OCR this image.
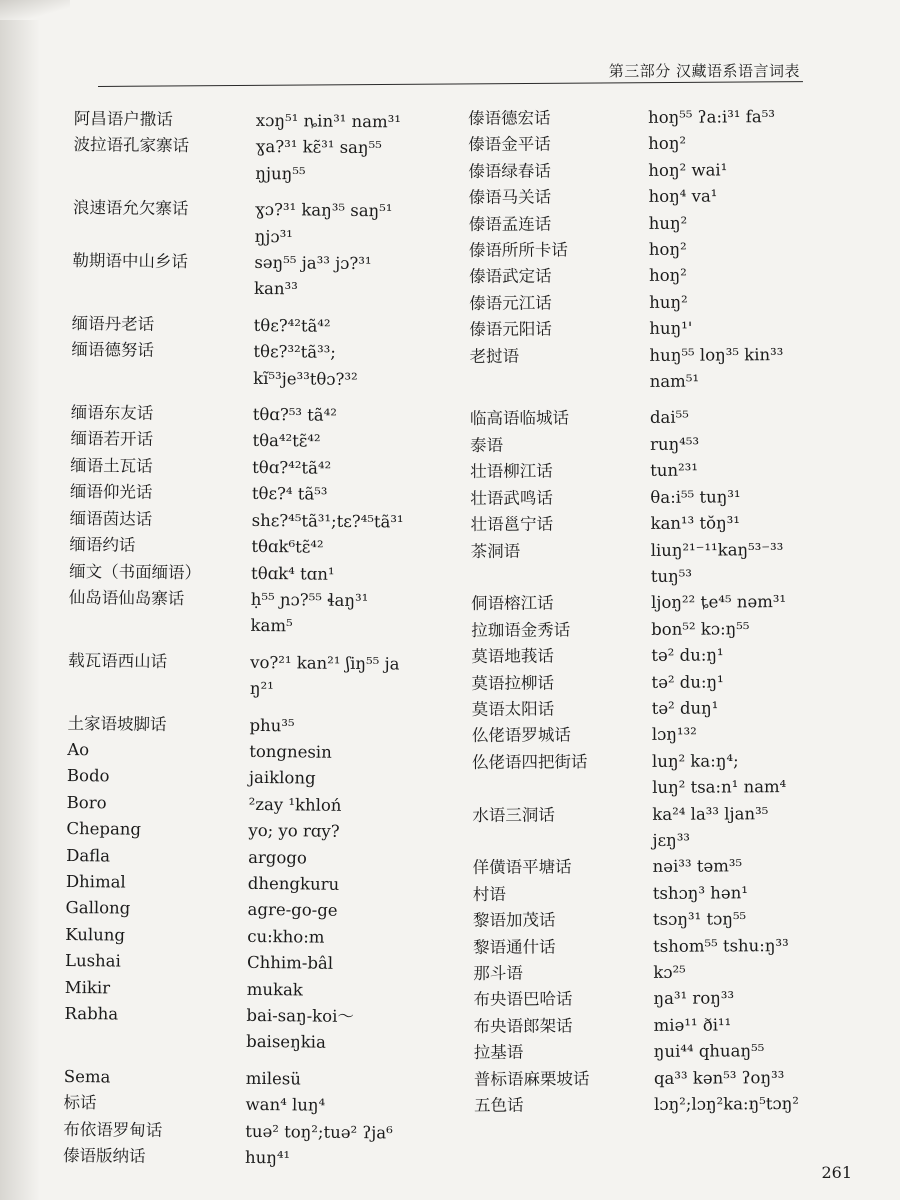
第三部分 汉藏语系语言词表
阿昌语户撒话	xɔŋ⁵¹ ȵin³¹ nam³¹
波拉语孔家寨话	ɣa?³¹ kɛ̃³¹ saŋ⁵⁵
ŋjuŋ⁵⁵
浪速语允欠寨话	ɣɔ?³¹ kaŋ³⁵ saŋ⁵¹
ŋjɔ³¹
勒期语中山乡话	səŋ⁵⁵ ja³³ jɔ?³¹
kan³³
缅语丹老话	tθɛ?⁴²tã⁴²
缅语德努话	tθɛ?³²tã³³;
kĩ⁵³je³³tθɔ?³²
缅语东友话	tθɑ?⁵³ tã⁴²
缅语若开话	tθa⁴²tɛ̃⁴²
缅语土瓦话	tθɑ?⁴²tã⁴²
缅语仰光话	tθɛ?⁴ tã⁵³
缅语茵达话	shɛ?⁴⁵tã³¹;tɛ?⁴⁵tã³¹
缅语约话	tθɑk⁶tɛ̃⁴²
缅文（书面缅语）	tθɑk⁴ tɑn¹
仙岛语仙岛寨话	ḥ⁵⁵ ɲɔ?⁵⁵ ɬaŋ³¹
kam⁵
载瓦语西山话	vo?²¹ kan²¹ ʃiŋ⁵⁵ ja
ŋ²¹
土家语坡脚话	phu³⁵
Ao	tongnesin
Bodo	jaiklong
Boro	²zay ¹khloń
Chepang	yo; yo rɑy?
Dafla	argogo
Dhimal	dhengkuru
Gallong	agre-go-ge
Kulung	cu:kho:m
Lushai	Chhim-bâl
Mikir	mukak
Rabha	bai-saŋ-koi～
baiseŋkia
Sema	milesü
标话	wan⁴ luŋ⁴
布依语罗甸话	tuə² toŋ²;tuə² ʔja⁶
傣语版纳话	huŋ⁴¹
傣语德宏话	hoŋ⁵⁵ ʔa:i³¹ fa⁵³
傣语金平话	hoŋ²
傣语绿春话	hoŋ² wai¹
傣语马关话	hoŋ⁴ va¹
傣语孟连话	huŋ²
傣语所所卡话	hoŋ²
傣语武定话	hoŋ²
傣语元江话	huŋ²
傣语元阳话	huŋ¹'
老挝语	huŋ⁵⁵ loŋ³⁵ kin³³
nam⁵¹
临高语临城话	dai⁵⁵
泰语	ruŋ⁴⁵³
壮语柳江话	tun²³¹
壮语武鸣话	θa:i⁵⁵ tuŋ³¹
壮语邕宁话	kan¹³ tŏŋ³¹
茶洞语	liuŋ²¹⁻¹¹kaŋ⁵³⁻³³
tuŋ⁵³
侗语榕江话	ljoŋ²² ȶe⁴⁵ nəm³¹
拉珈语金秀话	bon⁵² kɔ:ŋ⁵⁵
莫语地莪话	tə² du:ŋ¹
莫语拉柳话	tə² du:ŋ¹
莫语太阳话	tə² duŋ¹
仫佬语罗城话	lɔŋ¹³²
仫佬语四把街话	luŋ² ka:ŋ⁴;
luŋ² tsa:n¹ nam⁴
水语三洞话	ka²⁴ la³³ ljan³⁵
jɛŋ³³
佯僙语平塘话	nəi³³ təm³⁵
村语	tshɔŋ³ hən¹
黎语加茂话	tsɔŋ³¹ tɔŋ⁵⁵
黎语通什话	tshom⁵⁵ tshu:ŋ³³
那斗语	kɔ²⁵
布央语巴哈话	ŋa³¹ roŋ³³
布央语郎架话	miə¹¹ ði¹¹
拉基语	ŋui⁴⁴ qhuaŋ⁵⁵
普标语麻栗坡话	qa³³ kən⁵³ ʔoŋ³³
五色话	lɔŋ²;lɔŋ²ka:ŋ⁵tɔŋ²
261
